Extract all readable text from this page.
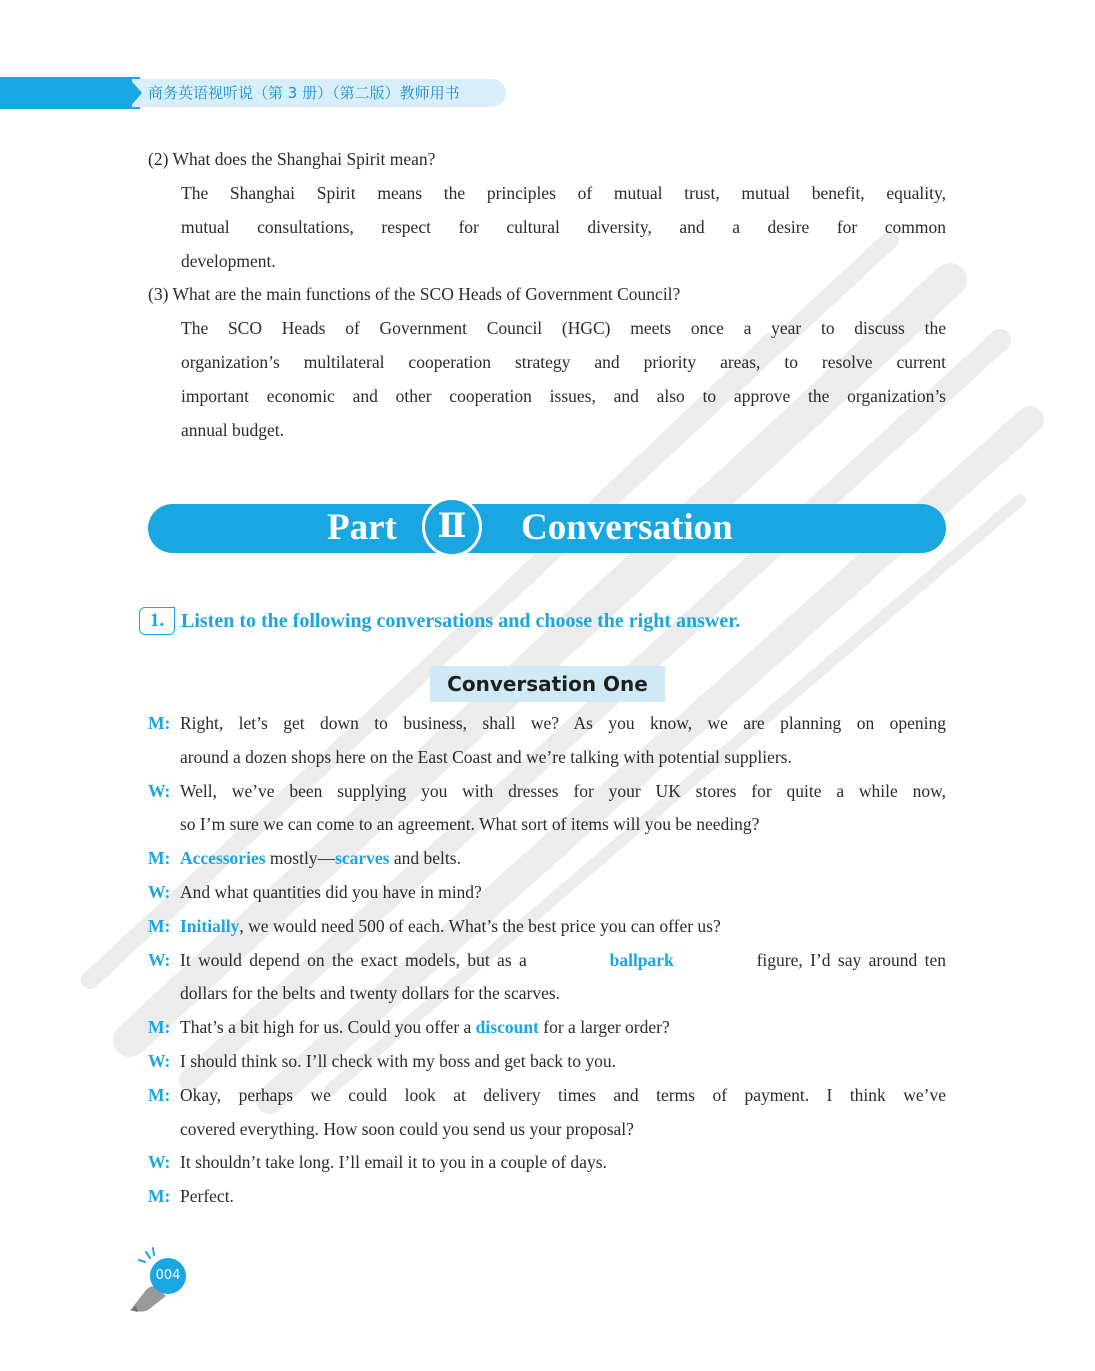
商务英语视听说（第 3 册）（第二版）教师用书
(2) What does the Shanghai Spirit mean?
The Shanghai Spirit means the principles of mutual trust, mutual benefit, equality,
mutual consultations, respect for cultural diversity, and a desire for common
development.
(3) What are the main functions of the SCO Heads of Government Council?
The SCO Heads of Government Council (HGC) meets once a year to discuss the
organization’s multilateral cooperation strategy and priority areas, to resolve current
important economic and other cooperation issues, and also to approve the organization’s
annual budget.
Part	Ⅱ	Conversation
1. Listen to the following conversations and choose the right answer.
Conversation One
M: Right, let’s get down to business, shall we? As you know, we are planning on opening
around a dozen shops here on the East Coast and we’re talking with potential suppliers.
W: Well, we’ve been supplying you with dresses for your UK stores for quite a while now,
so I’m sure we can come to an agreement. What sort of items will you be needing?
M: Accessories mostly—scarves and belts.
W: And what quantities did you have in mind?
M: Initially, we would need 500 of each. What’s the best price you can offer us?
W: It would depend on the exact models, but as a	ballpark	figure, I’d say around ten
dollars for the belts and twenty dollars for the scarves.
M: That’s a bit high for us. Could you offer a discount for a larger order?
W: I should think so. I’ll check with my boss and get back to you.
M: Okay, perhaps we could look at delivery times and terms of payment. I think we’ve
covered everything. How soon could you send us your proposal?
W: It shouldn’t take long. I’ll email it to you in a couple of days.
M: Perfect.
004
